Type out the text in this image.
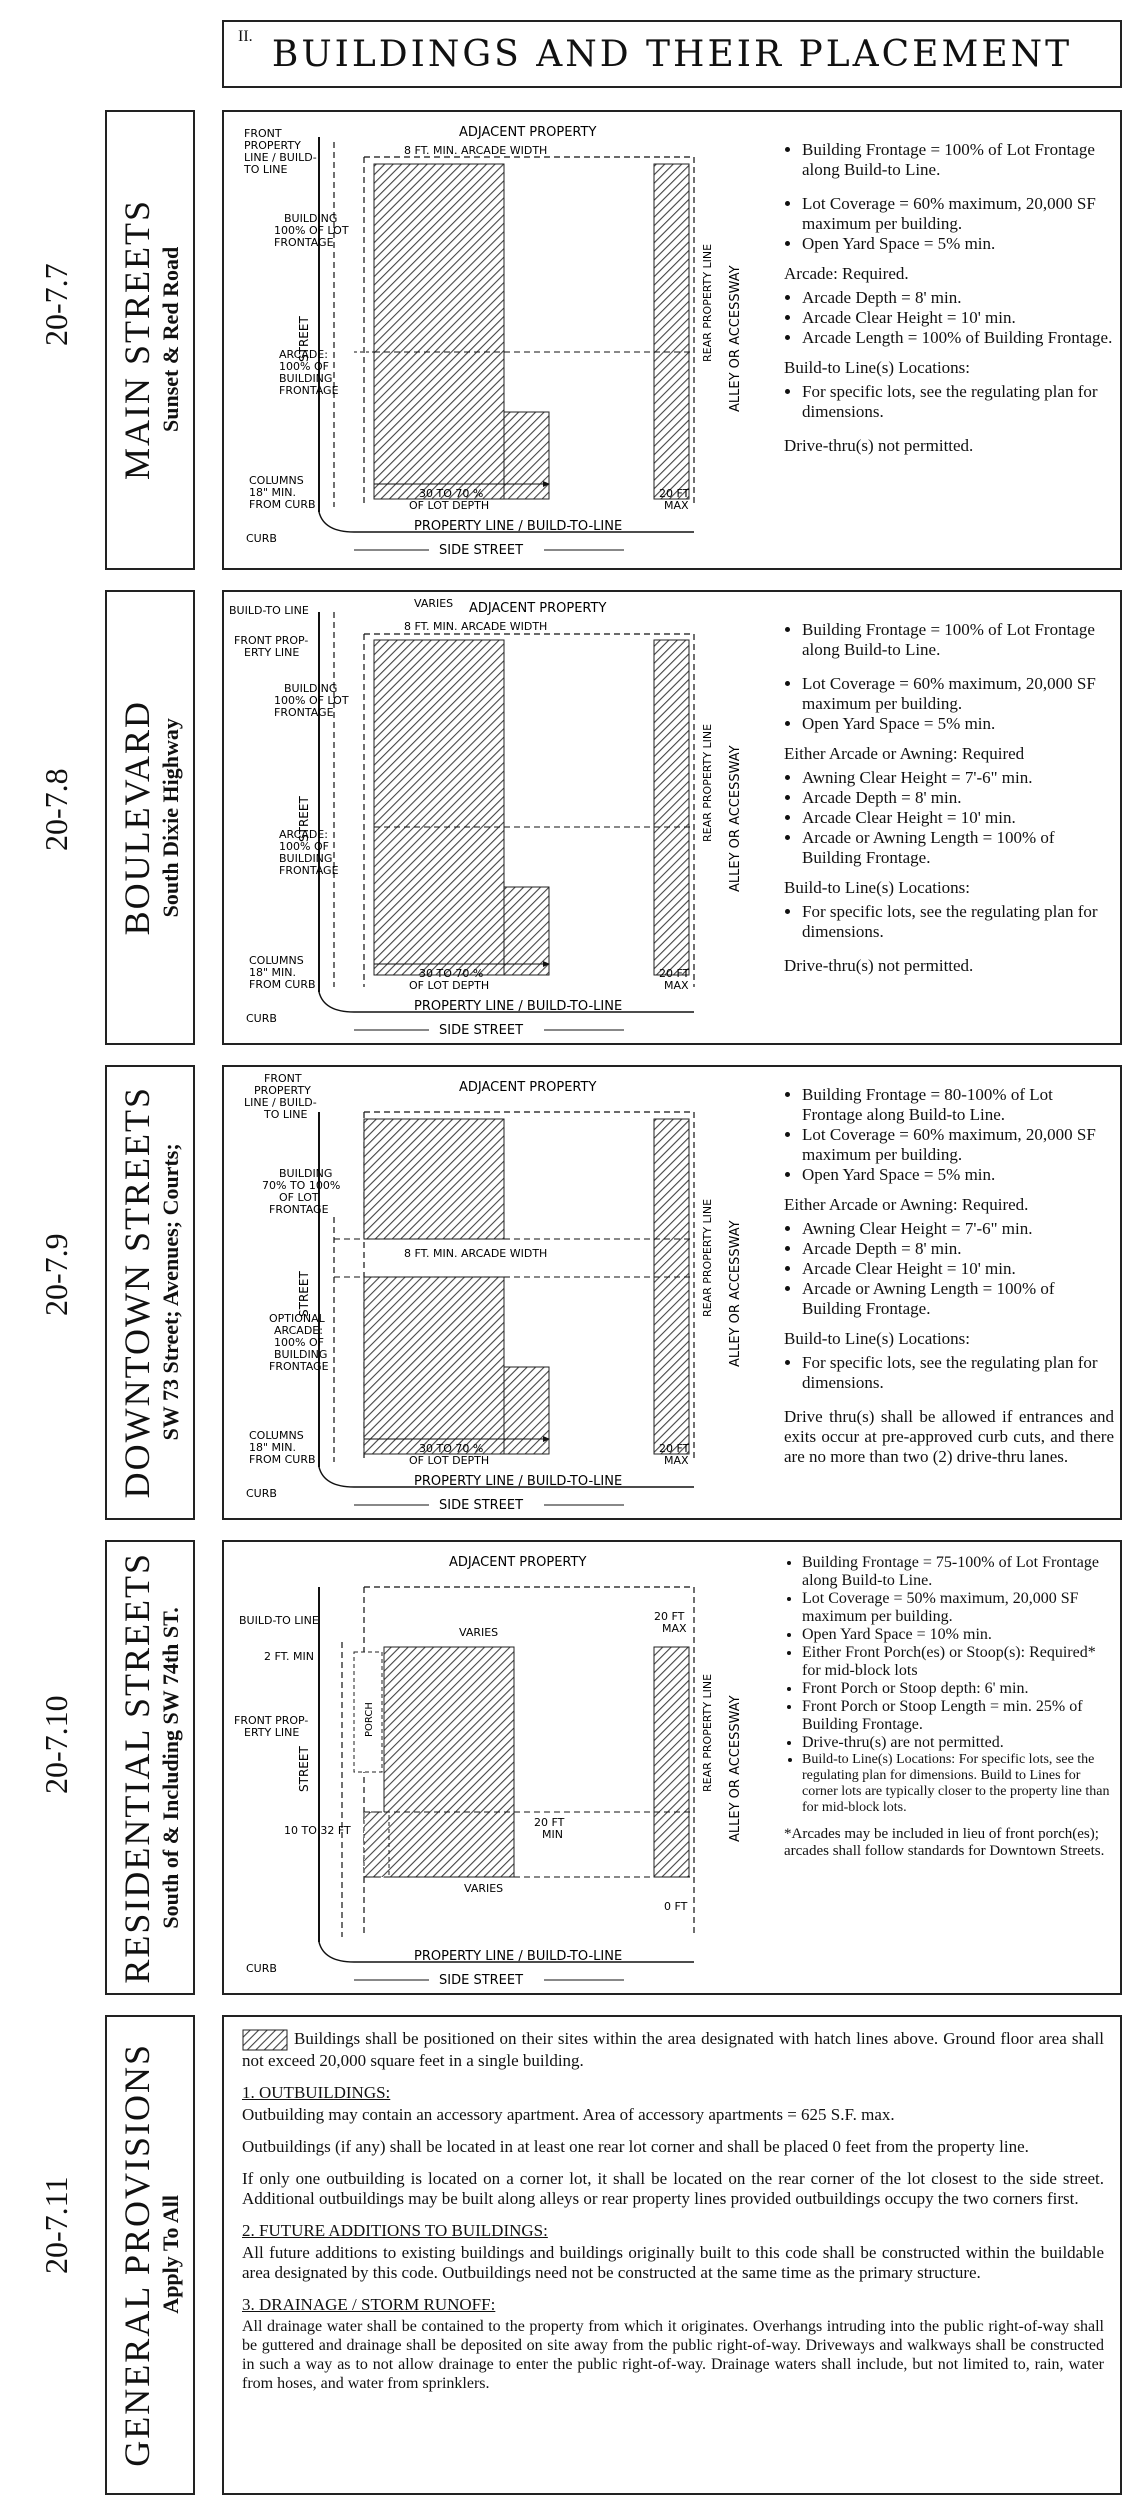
II. BUILDINGS AND THEIR PLACEMENT
20-7.7	MAIN STREETS
Sunset & Red Road
FRONT
PROPERTY
LINE / BUILD-
TO LINE
ADJACENT PROPERTY
8 FT. MIN. ARCADE WIDTH
BUILDING
100% OF LOT
FRONTAGE
ARCADE:
100% OF
BUILDING
FRONTAGE
COLUMNS
18" MIN.
FROM CURB
CURB
STREET
30 TO 70 %
OF LOT DEPTH
20 FT
MAX
PROPERTY LINE / BUILD-TO-LINE
SIDE STREET
REAR PROPERTY LINE ALLEY OR ACCESSWAY
• Building Frontage = 100% of Lot Frontage along Build-to Line.
• Lot Coverage = 60% maximum, 20,000 SF maximum per building.
• Open Yard Space = 5% min.

Arcade: Required.

• Arcade Depth = 8' min.
• Arcade Clear Height = 10' min.
• Arcade Length = 100% of Building Frontage.

Build-to Line(s) Locations:

• For specific lots, see the regulating plan for dimensions.

Drive-thru(s) not permitted.

20-7.8	BOULEVARD
South Dixie Highway
BUILD-TO LINE
VARIES ADJACENT PROPERTY
8 FT. MIN. ARCADE WIDTH
FRONT PROP-
ERTY LINE
BUILDING
100% OF LOT
FRONTAGE
ARCADE:
100% OF
BUILDING
FRONTAGE
COLUMNS
18" MIN.
FROM CURB
CURB
STREET
30 TO 70 %
OF LOT DEPTH
20 FT
MAX
PROPERTY LINE / BUILD-TO-LINE
SIDE STREET
REAR PROPERTY LINE ALLEY OR ACCESSWAY
• Building Frontage = 100% of Lot Frontage along Build-to Line.
• Lot Coverage = 60% maximum, 20,000 SF maximum per building.
• Open Yard Space = 5% min.

Either Arcade or Awning: Required

• Awning Clear Height = 7'-6" min.
• Arcade Depth = 8' min.
• Arcade Clear Height = 10' min.
• Arcade or Awning Length = 100% of Building Frontage.

Build-to Line(s) Locations:

• For specific lots, see the regulating plan for dimensions.

Drive-thru(s) not permitted.

20-7.9	DOWNTOWN STREETS
SW 73 Street; Avenues; Courts;
FRONT
PROPERTY
LINE / BUILD-
TO LINE
ADJACENT PROPERTY
8 FT. MIN. ARCADE WIDTH
BUILDING
70% TO 100%
OF LOT
FRONTAGE
OPTIONAL
ARCADE:
100% OF
BUILDING
FRONTAGE
COLUMNS
18" MIN.
FROM CURB
CURB
STREET
30 TO 70 %
OF LOT DEPTH
20 FT
MAX
PROPERTY LINE / BUILD-TO-LINE
SIDE STREET
REAR PROPERTY LINE ALLEY OR ACCESSWAY
• Building Frontage = 80-100% of Lot Frontage along Build-to Line.
• Lot Coverage = 60% maximum, 20,000 SF maximum per building.
• Open Yard Space = 5% min.

Either Arcade or Awning: Required.

• Awning Clear Height = 7'-6" min.
• Arcade Depth = 8' min.
• Arcade Clear Height = 10' min.
• Arcade or Awning Length = 100% of Building Frontage.

Build-to Line(s) Locations:

• For specific lots, see the regulating plan for dimensions.

Drive thru(s) shall be allowed if entrances and exits occur at pre-approved curb cuts, and there are no more than two (2) drive-thru lanes.

20-7.10	RESIDENTIAL STREETS
South of & Including SW 74th ST.
ADJACENT PROPERTY
BUILD-TO LINE
VARIES
20 FT
MAX
2 FT. MIN
FRONT PROP-
ERTY LINE	PORCH
10 TO 32 FT
20 FT
MIN
VARIES
0 FT
CURB
STREET
PROPERTY LINE / BUILD-TO-LINE
SIDE STREET
REAR PROPERTY LINE ALLEY OR ACCESSWAY
• Building Frontage = 75-100% of Lot Frontage along Build-to Line.
• Lot Coverage = 50% maximum, 20,000 SF maximum per building.
• Open Yard Space = 10% min.
• Either Front Porch(es) or Stoop(s): Required* for mid-block lots
• Front Porch or Stoop depth: 6' min.
• Front Porch or Stoop Length = min. 25% of Building Frontage.
• Drive-thru(s) are not permitted.
• Build-to Line(s) Locations: For specific lots, see the regulating plan for dimensions. Build to Lines for corner lots are typically closer to the property line than for mid-block lots.

*Arcades may be included in lieu of front porch(es); arcades shall follow standards for Downtown Streets.

20-7.11	GENERAL PROVISIONS
Apply To All

Buildings shall be positioned on their sites within the area designated with hatch lines above. Ground floor area shall not exceed 20,000 square feet in a single building.

1. OUTBUILDINGS:

Outbuilding may contain an accessory apartment. Area of accessory apartments = 625 S.F. max.

Outbuildings (if any) shall be located in at least one rear lot corner and shall be placed 0 feet from the property line.

If only one outbuilding is located on a corner lot, it shall be located on the rear corner of the lot closest to the side street. Additional outbuildings may be built along alleys or rear property lines provided outbuildings occupy the two corners first.

2. FUTURE ADDITIONS TO BUILDINGS:

All future additions to existing buildings and buildings originally built to this code shall be constructed within the buildable area designated by this code. Outbuildings need not be constructed at the same time as the primary structure.

3. DRAINAGE / STORM RUNOFF:

All drainage water shall be contained to the property from which it originates. Overhangs intruding into the public right-of-way shall be guttered and drainage shall be deposited on site away from the public right-of-way. Driveways and walkways shall be constructed in such a way as to not allow drainage to enter the public right-of-way. Drainage waters shall include, but not limited to, rain, water from hoses, and water from sprinklers.
